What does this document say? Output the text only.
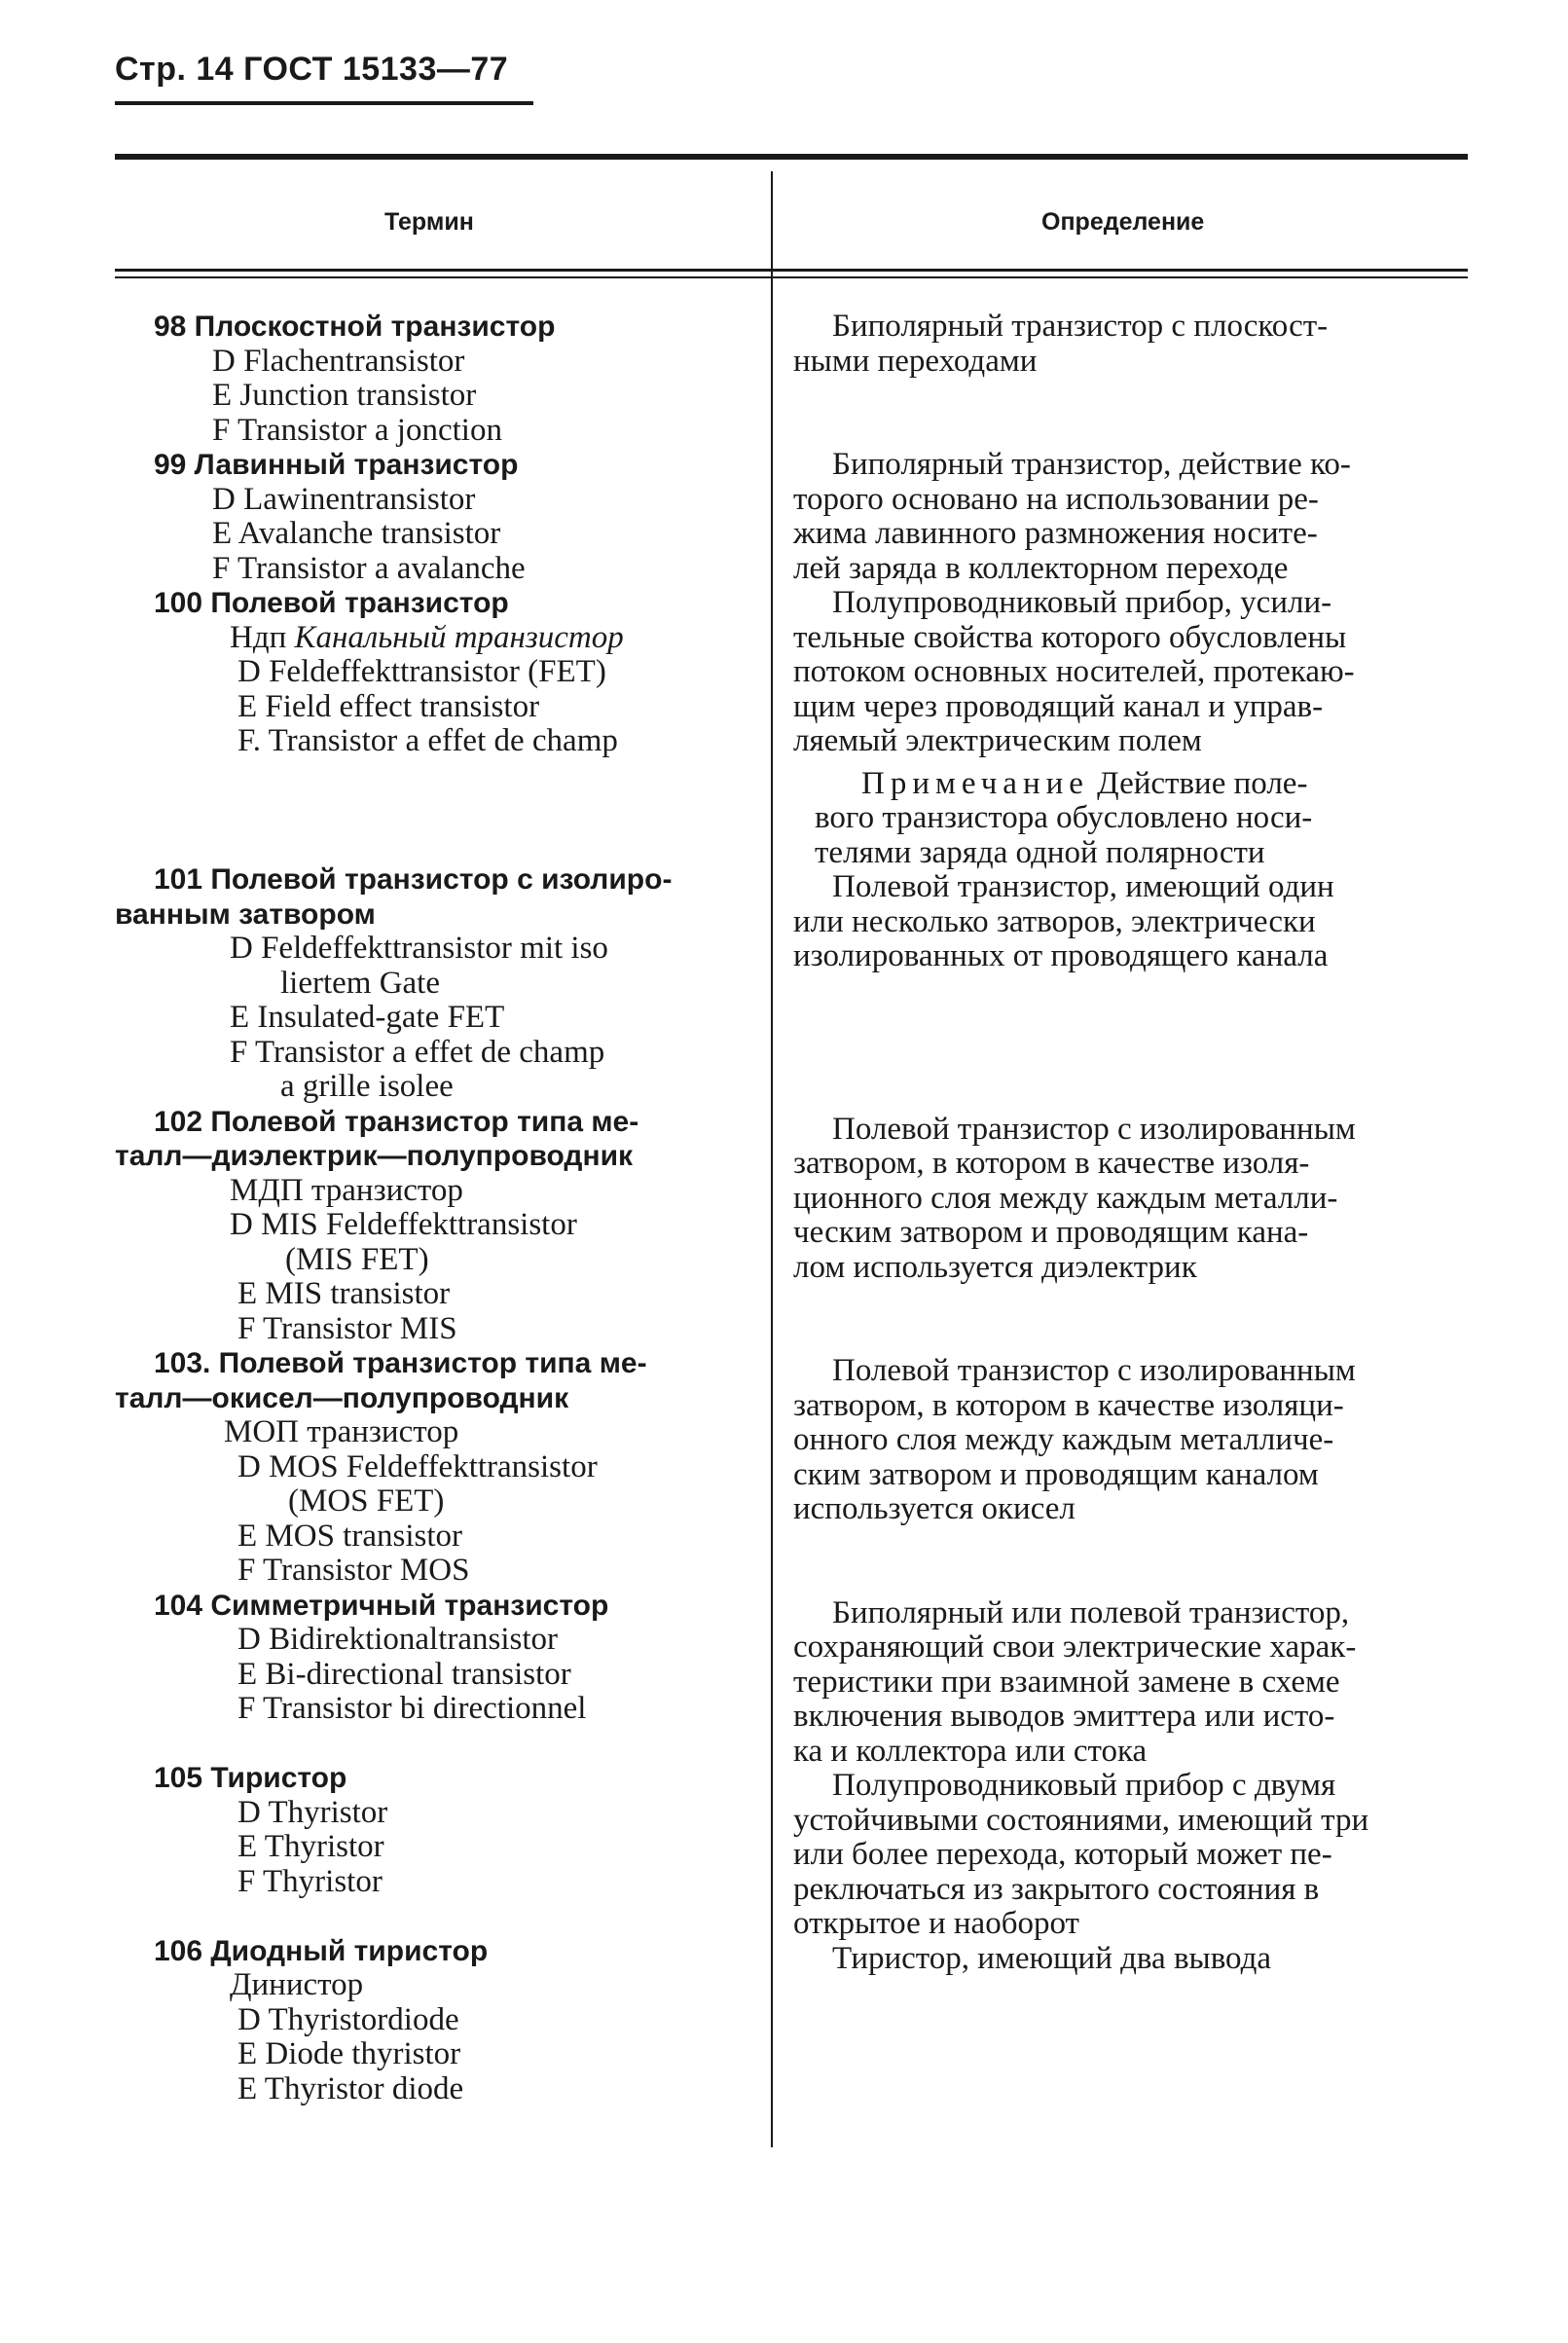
Стр. 14 ГОСТ 15133—77
Термин	Определение
98 Плоскостной транзистор
D Flachentransistor
E Junction transistor
F Transistor a jonction
99 Лавинный транзистор
D Lawinentransistor
E Avalanche transistor
F Transistor a avalanche
100 Полевой транзистор
Ндп Канальный транзистор
D Feldeffekttransistor (FET)
E Field effect transistor
F. Transistor a effet de champ
101 Полевой транзистор с изолиро-
ванным затвором
D Feldeffekttransistor mit iso
liertem Gate
E Insulated-gate FET
F Transistor a effet de champ
a grille isolee
102 Полевой транзистор типа ме-
талл—диэлектрик—полупроводник
МДП транзистор
D MIS Feldeffekttransistor
(MIS FET)
E MIS transistor
F Transistor MIS
103. Полевой транзистор типа ме-
талл—окисел—полупроводник
МОП транзистор
D MOS Feldeffekttransistor
(MOS FET)
E MOS transistor
F Transistor MOS
104 Симметричный транзистор
D Bidirektionaltransistor
E Bi-directional transistor
F Transistor bi directionnel
105 Тиристор
D Thyristor
E Thyristor
F Thyristor
106 Диодный тиристор
Динистор
D Thyristordiode
E Diode thyristor
E Thyristor diode
Биполярный транзистор с плоскост-
ными переходами
Биполярный транзистор, действие ко-
торого основано на использовании ре-
жима лавинного размножения носите-
лей заряда в коллекторном переходе
Полупроводниковый прибор, усили-
тельные свойства которого обусловлены
потоком основных носителей, протекаю-
щим через проводящий канал и управ-
ляемый электрическим полем
Примечание Действие поле-
вого транзистора обусловлено носи-
телями заряда одной полярности
Полевой транзистор, имеющий один
или несколько затворов, электрически
изолированных от проводящего канала
Полевой транзистор с изолированным
затвором, в котором в качестве изоля-
ционного слоя между каждым металли-
ческим затвором и проводящим кана-
лом используется диэлектрик
Полевой транзистор с изолированным
затвором, в котором в качестве изоляци-
онного слоя между каждым металличе-
ским затвором и проводящим каналом
используется окисел
Биполярный или полевой транзистор,
сохраняющий свои электрические харак-
теристики при взаимной замене в схеме
включения выводов эмиттера или исто-
ка и коллектора или стока
Полупроводниковый прибор с двумя
устойчивыми состояниями, имеющий три
или более перехода, который может пе-
реключаться из закрытого состояния в
открытое и наоборот
Тиристор, имеющий два вывода
